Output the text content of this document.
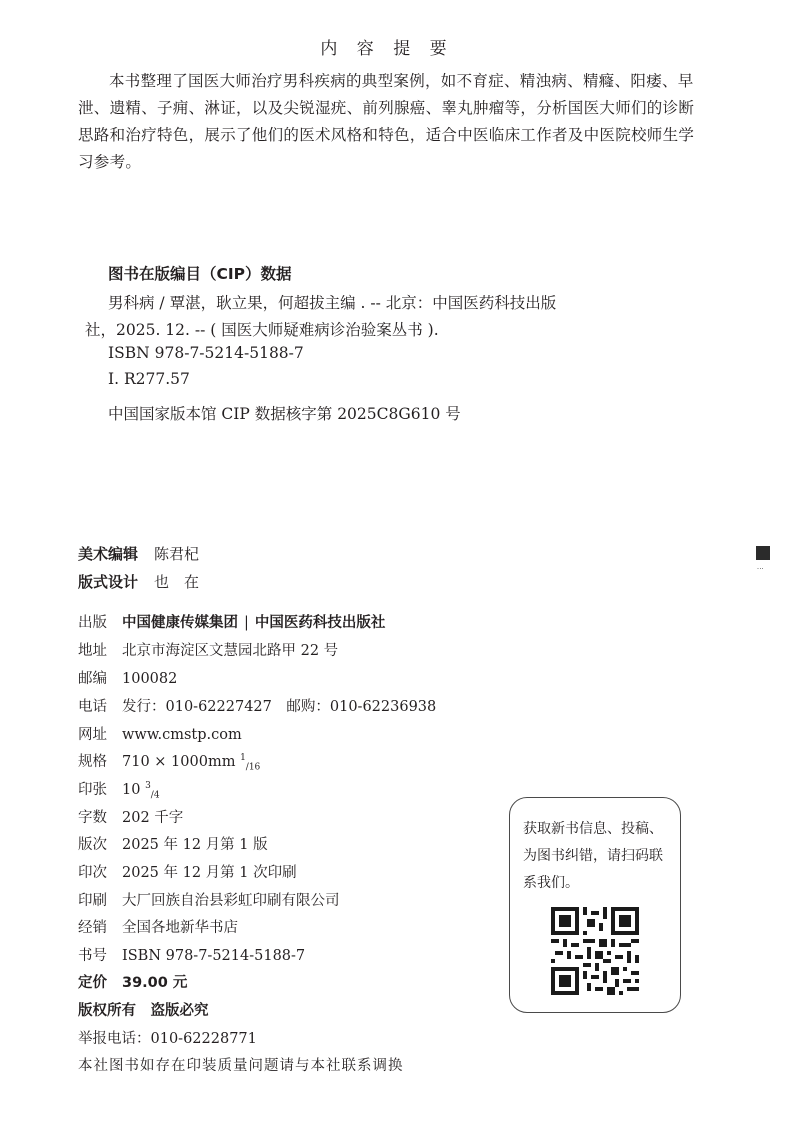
内 容 提 要
本书整理了国医大师治疗男科疾病的典型案例，如不育症、精浊病、精癃、阳痿、早泄、遗精、子痈、淋证，以及尖锐湿疣、前列腺癌、睾丸肿瘤等，分析国医大师们的诊断思路和治疗特色，展示了他们的医术风格和特色，适合中医临床工作者及中医院校师生学习参考。
图书在版编目（CIP）数据
男科病 / 覃湛，耿立果，何超拔主编 . -- 北京：中国医药科技出版
社，2025. 12. -- ( 国医大师疑难病诊治验案丛书 ).
ISBN 978-7-5214-5188-7
Ⅰ. R277.57
中国国家版本馆 CIP 数据核字第 2025C8G610 号
美术编辑 陈君杞
版式设计 也　在
出版 中国健康传媒集团 | 中国医药科技出版社
地址 北京市海淀区文慧园北路甲 22 号
邮编 100082
电话 发行：010-62227427　邮购：010-62236938
网址 www.cmstp.com
规格 710 × 1000mm $^1_{/16}$
印张 10 $^3_{/4}$
字数 202 千字
版次 2025 年 12 月第 1 版
印次 2025 年 12 月第 1 次印刷
印刷 大厂回族自治县彩虹印刷有限公司
经销 全国各地新华书店
书号 ISBN 978-7-5214-5188-7
定价 39.00 元
版权所有　盗版必究
举报电话：010-62228771
本社图书如存在印装质量问题请与本社联系调换
获取新书信息、投稿、为图书纠错，请扫码联系我们。
⋮
